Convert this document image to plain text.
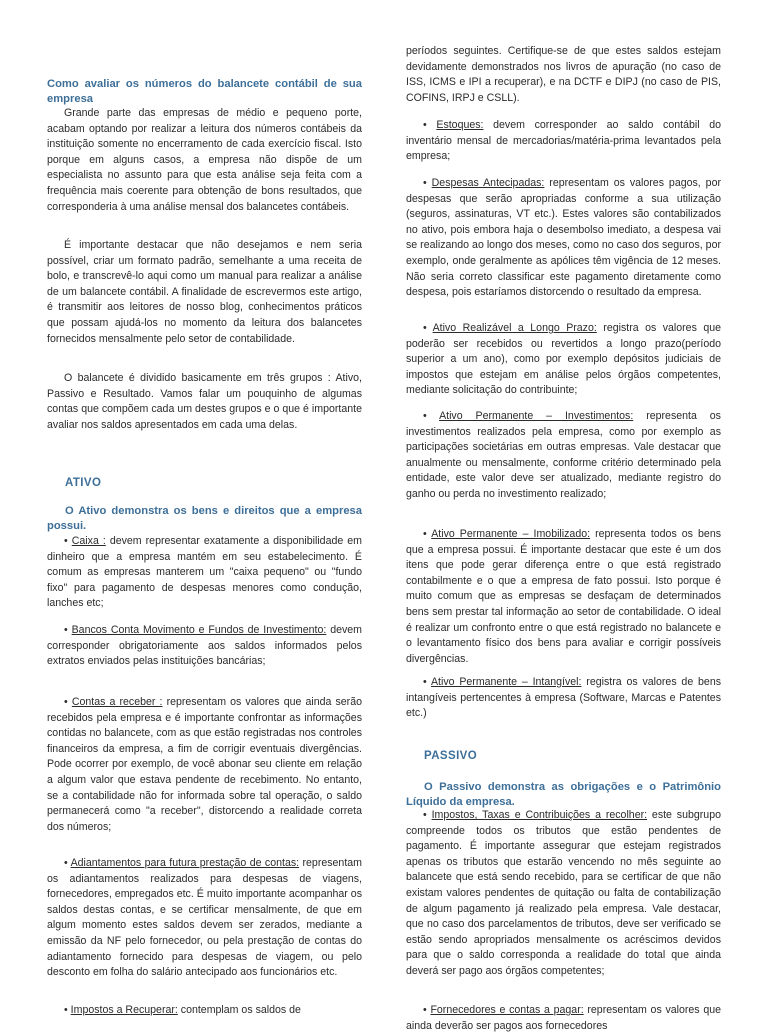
Como avaliar os números do balancete contábil de sua empresa

Grande parte das empresas de médio e pequeno porte, acabam optando por realizar a leitura dos números contábeis da instituição somente no encerramento de cada exercício fiscal. Isto porque em alguns casos, a empresa não dispõe de um especialista no assunto para que esta análise seja feita com a frequência mais coerente para obtenção de bons resultados, que corresponderia à uma análise mensal dos balancetes contábeis.

É importante destacar que não desejamos e nem seria possível, criar um formato padrão, semelhante a uma receita de bolo, e transcrevê-lo aqui como um manual para realizar a análise de um balancete contábil. A finalidade de escrevermos este artigo, é transmitir aos leitores de nosso blog, conhecimentos práticos que possam ajudá-los no momento da leitura dos balancetes fornecidos mensalmente pelo setor de contabilidade.

O balancete é dividido basicamente em três grupos : Ativo, Passivo e Resultado. Vamos falar um pouquinho de algumas contas que compõem cada um destes grupos e o que é importante avaliar nos saldos apresentados em cada uma delas.

ATIVO

O Ativo demonstra os bens e direitos que a empresa possui.

• Caixa : devem representar exatamente a disponibilidade em dinheiro que a empresa mantém em seu estabelecimento. É comum as empresas manterem um "caixa pequeno" ou "fundo fixo" para pagamento de despesas menores como condução, lanches etc;

• Bancos Conta Movimento e Fundos de Investimento: devem corresponder obrigatoriamente aos saldos informados pelos extratos enviados pelas instituições bancárias;

• Contas a receber : representam os valores que ainda serão recebidos pela empresa e é importante confrontar as informações contidas no balancete, com as que estão registradas nos controles financeiros da empresa, a fim de corrigir eventuais divergências. Pode ocorrer por exemplo, de você abonar seu cliente em relação a algum valor que estava pendente de recebimento. No entanto, se a contabilidade não for informada sobre tal operação, o saldo permanecerá como "a receber", distorcendo a realidade correta dos números;

• Adiantamentos para futura prestação de contas: representam os adiantamentos realizados para despesas de viagens, fornecedores, empregados etc. É muito importante acompanhar os saldos destas contas, e se certificar mensalmente, de que em algum momento estes saldos devem ser zerados, mediante a emissão da NF pelo fornecedor, ou pela prestação de contas do adiantamento fornecido para despesas de viagem, ou pelo desconto em folha do salário antecipado aos funcionários etc.

• Impostos a Recuperar: contemplam os saldos de

períodos seguintes. Certifique-se de que estes saldos estejam devidamente demonstrados nos livros de apuração (no caso de ISS, ICMS e IPI a recuperar), e na DCTF e DIPJ (no caso de PIS, COFINS, IRPJ e CSLL).

• Estoques: devem corresponder ao saldo contábil do inventário mensal de mercadorias/matéria-prima levantados pela empresa;

• Despesas Antecipadas: representam os valores pagos, por despesas que serão apropriadas conforme a sua utilização (seguros, assinaturas, VT etc.). Estes valores são contabilizados no ativo, pois embora haja o desembolso imediato, a despesa vai se realizando ao longo dos meses, como no caso dos seguros, por exemplo, onde geralmente as apólices têm vigência de 12 meses. Não seria correto classificar este pagamento diretamente como despesa, pois estaríamos distorcendo o resultado da empresa.

• Ativo Realizável a Longo Prazo: registra os valores que poderão ser recebidos ou revertidos a longo prazo(período superior a um ano), como por exemplo depósitos judiciais de impostos que estejam em análise pelos órgãos competentes, mediante solicitação do contribuinte;

• Ativo Permanente – Investimentos: representa os investimentos realizados pela empresa, como por exemplo as participações societárias em outras empresas. Vale destacar que anualmente ou mensalmente, conforme critério determinado pela entidade, este valor deve ser atualizado, mediante registro do ganho ou perda no investimento realizado;

• Ativo Permanente – Imobilizado: representa todos os bens que a empresa possui. É importante destacar que este é um dos itens que pode gerar diferença entre o que está registrado contabilmente e o que a empresa de fato possui. Isto porque é muito comum que as empresas se desfaçam de determinados bens sem prestar tal informação ao setor de contabilidade. O ideal é realizar um confronto entre o que está registrado no balancete e o levantamento físico dos bens para avaliar e corrigir possíveis divergências.

• Ativo Permanente – Intangível: registra os valores de bens intangíveis pertencentes à empresa (Software, Marcas e Patentes etc.)

PASSIVO

O Passivo demonstra as obrigações e o Patrimônio Líquido da empresa.

• Impostos, Taxas e Contribuições a recolher: este subgrupo compreende todos os tributos que estão pendentes de pagamento. É importante assegurar que estejam registrados apenas os tributos que estarão vencendo no mês seguinte ao balancete que está sendo recebido, para se certificar de que não existam valores pendentes de quitação ou falta de contabilização de algum pagamento já realizado pela empresa. Vale destacar, que no caso dos parcelamentos de tributos, deve ser verificado se estão sendo apropriados mensalmente os acréscimos devidos para que o saldo corresponda a realidade do total que ainda deverá ser pago aos órgãos competentes;

• Fornecedores e contas a pagar: representam os valores que ainda deverão ser pagos aos fornecedores
